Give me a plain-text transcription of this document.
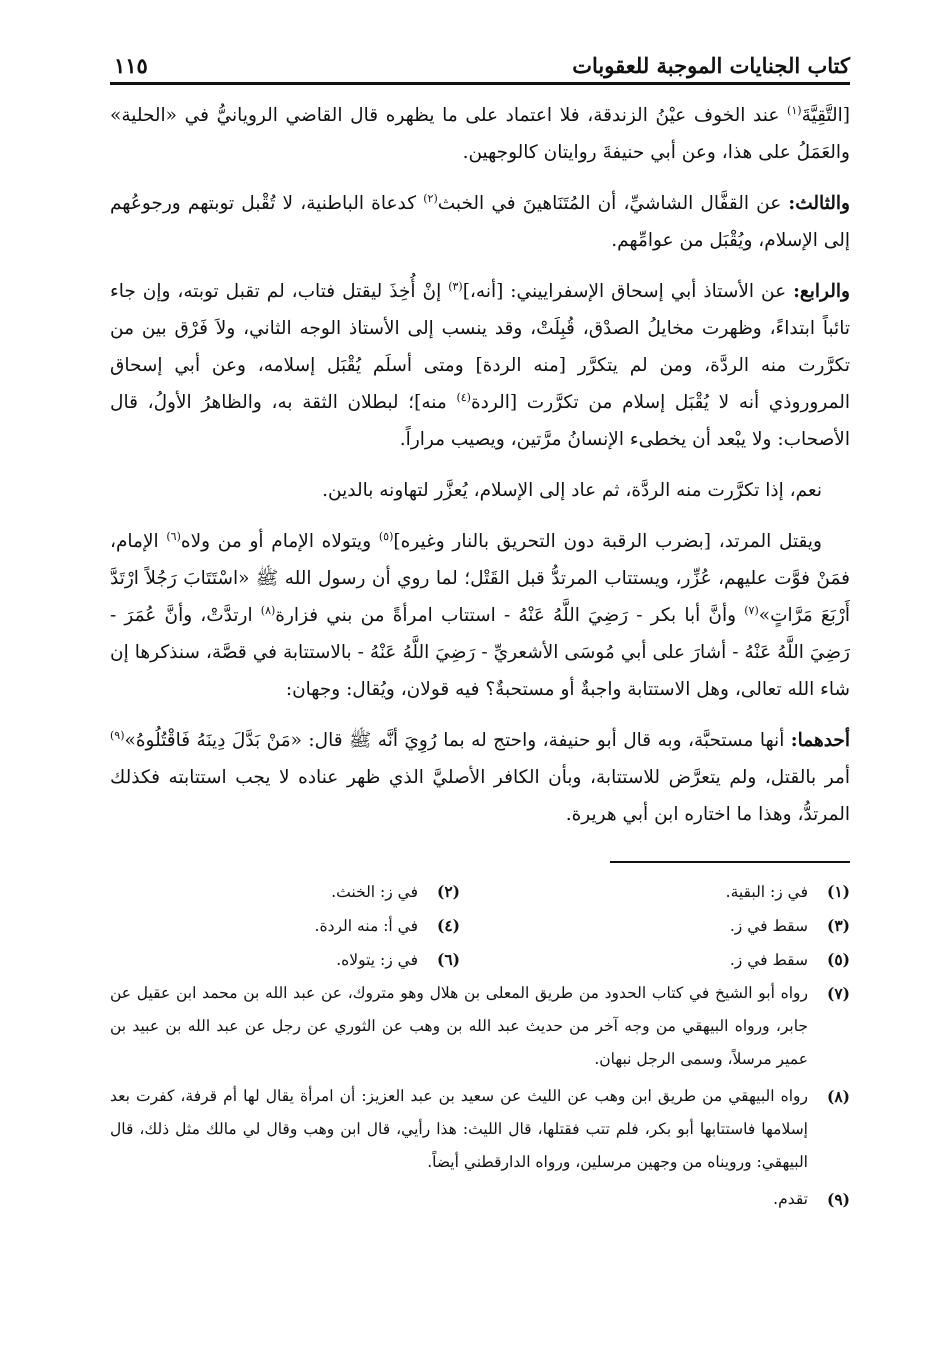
كتاب الجنايات الموجبة للعقوبات
١١٥

[التَّقِيَّةَ$^{(١)}$ عند الخوف عيْنُ الزندقة، فلا اعتماد على ما يظهره قال القاضي الرويانيُّ في «الحلية» والعَمَلُ على هذا، وعن أبي حنيفةَ روايتان كالوجهين.

والثالث: عن القفَّال الشاشيِّ، أن المُتَنَاهينَ في الخبث$^{(٢)}$ كدعاة الباطنية، لا تُقْبل توبتهم ورجوعُهم إلى الإسلام، ويُقْبَل من عوامِّهم.

والرابع: عن الأستاذ أبي إسحاق الإسفراييني: [أنه،]$^{(٣)}$ إنْ أُخِذَ ليقتل فتاب، لم تقبل توبته، وإن جاء تائباً ابتداءً، وظهرت مخايلُ الصدْق، قُبِلَتْ، وقد ينسب إلى الأستاذ الوجه الثاني، ولاَ فَرْق بين من تكرَّرت منه الردَّة، ومن لم يتكرَّر [منه الردة] ومتى أسلَم يُقْبَل إسلامه، وعن أبي إسحاق المروروذي أنه لا يُقْبَل إسلام من تكرَّرت [الردة$^{(٤)}$ منه]؛ لبطلان الثقة به، والظاهرُ الأولُ، قال الأصحاب: ولا يبْعد أن يخطىء الإنسانُ مرَّتين، ويصيب مراراً.

نعم، إذا تكرَّرت منه الردَّة، ثم عاد إلى الإسلام، يُعزَّر لتهاونه بالدين.

ويقتل المرتد، [بضرب الرقبة دون التحريق بالنار وغيره]$^{(٥)}$ ويتولاه الإمام أو من ولاه$^{(٦)}$ الإمام، فمَنْ فوَّت عليهم، عُزِّر، ويستتاب المرتدُّ قبل القَتْل؛ لما روي أن رسول الله ﷺ «اسْتَتَابَ رَجُلاً ارْتَدَّ أَرْبَعَ مَرَّاتٍ»$^{(٧)}$ وأنَّ أبا بكر - رَضِيَ اللَّهُ عَنْهُ - استتاب امرأةً من بني فزارة$^{(٨)}$ ارتدَّتْ، وأنَّ عُمَرَ - رَضِيَ اللَّهُ عَنْهُ - أشارَ على أبي مُوسَى الأشعريِّ - رَضِيَ اللَّهُ عَنْهُ - بالاستتابة في قصَّة، سنذكرها إن شاء الله تعالى، وهل الاستتابة واجبةٌ أو مستحبةٌ؟ فيه قولان، ويُقال: وجهان:

أحدهما: أنها مستحبَّة، وبه قال أبو حنيفة، واحتج له بما رُوِيَ أنَّه ﷺ قال: «مَنْ بَدَّلَ دِينَهُ فَاقْتُلُوهُ»$^{(٩)}$ أمر بالقتل، ولم يتعرَّض للاستتابة، وبأن الكافر الأصليَّ الذي ظهر عناده لا يجب استتابته فكذلك المرتدُّ، وهذا ما اختاره ابن أبي هريرة.

(١)
في ز: البقية.
(٢)
في ز: الخنث.
(٣)
سقط في ز.
(٤)
في أ: منه الردة.
(٥)
سقط في ز.
(٦)
في ز: يتولاه.
(٧)
رواه أبو الشيخ في كتاب الحدود من طريق المعلى بن هلال وهو متروك، عن عبد الله بن محمد ابن عقيل عن جابر، ورواه البيهقي من وجه آخر من حديث عبد الله بن وهب عن الثوري عن رجل عن عبد الله بن عبيد بن عمير مرسلاً، وسمى الرجل نبهان.
(٨)
رواه البيهقي من طريق ابن وهب عن الليث عن سعيد بن عبد العزيز: أن امرأة يقال لها أم قرفة، كفرت بعد إسلامها فاستتابها أبو بكر، فلم تتب فقتلها، قال الليث: هذا رأيي، قال ابن وهب وقال لي مالك مثل ذلك، قال البيهقي: ورويناه من وجهين مرسلين، ورواه الدارقطني أيضاً.
(٩)
تقدم.
